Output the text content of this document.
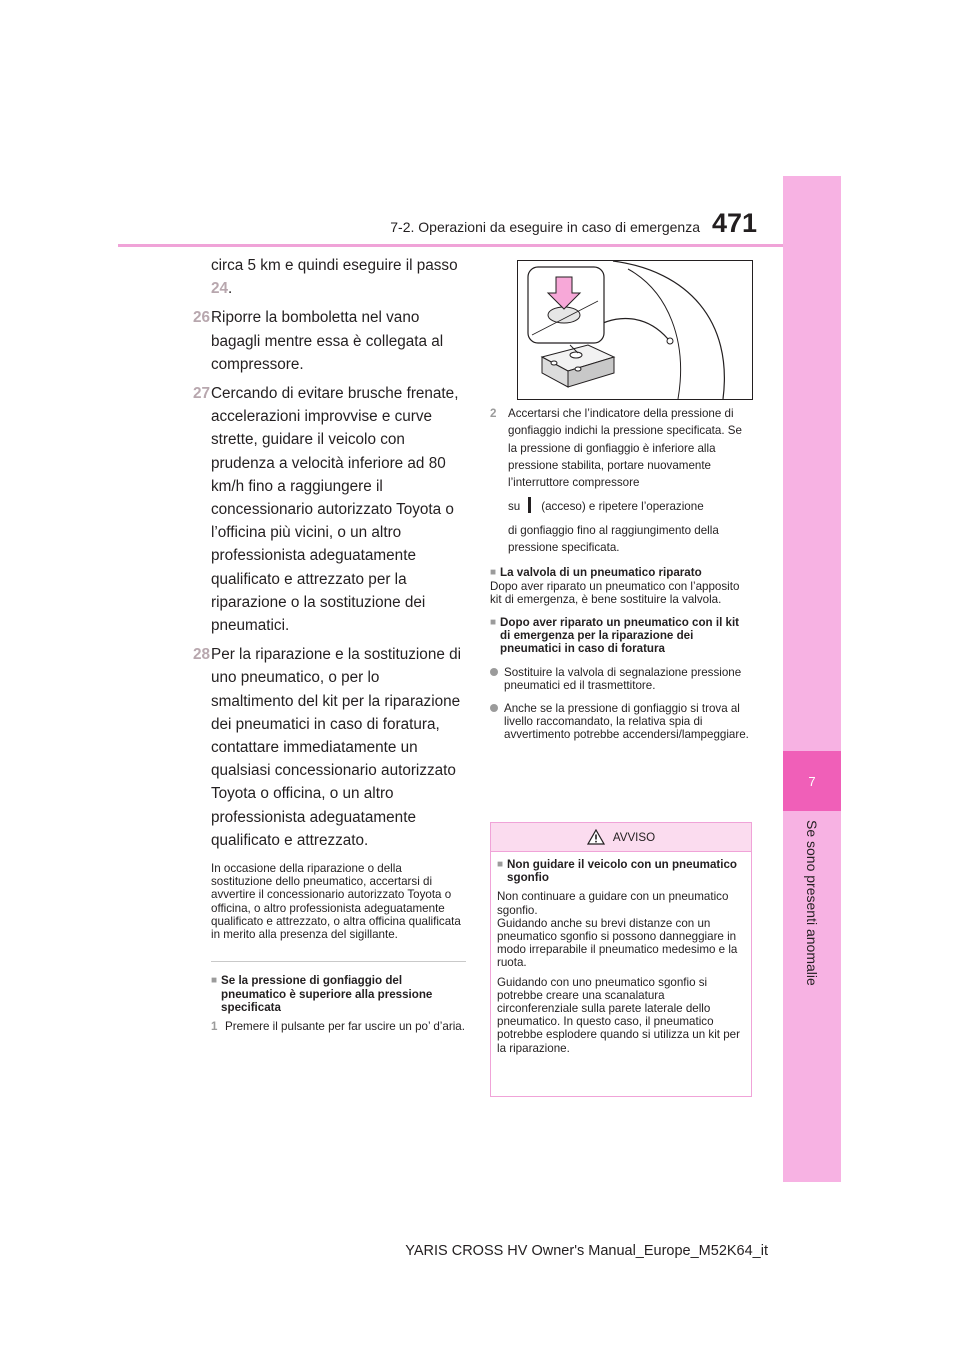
7-2. Operazioni da eseguire in caso di emergenza 471
7
Se sono presenti anomalie
circa 5 km e quindi eseguire il passo
24.
26 Riporre la bomboletta nel vano bagagli mentre essa è collegata al compressore.
27 Cercando di evitare brusche frenate, accelerazioni improvvise e curve strette, guidare il veicolo con prudenza a velocità inferiore ad 80 km/h fino a raggiungere il concessionario autorizzato Toyota o l’officina più vicini, o un altro professionista adeguatamente qualificato e attrezzato per la riparazione o la sostituzione dei pneumatici.
28 Per la riparazione e la sostituzione di uno pneumatico, o per lo smaltimento del kit per la riparazione dei pneumatici in caso di foratura, contattare immediatamente un qualsiasi concessionario autorizzato Toyota o officina, o un altro professionista adeguatamente qualificato e attrezzato.
In occasione della riparazione o della sostituzione dello pneumatico, accertarsi di avvertire il concessionario autorizzato Toyota o officina, o altro professionista adeguatamente qualificato e attrezzato, o altra officina qualificata in merito alla presenza del sigillante.
■ Se la pressione di gonfiaggio del pneumatico è superiore alla pressione specificata
1 Premere il pulsante per far uscire un po’ d’aria.
2 Accertarsi che l’indicatore della pressione di gonfiaggio indichi la pressione specificata. Se la pressione di gonfiaggio è inferiore alla pressione stabilita, portare nuovamente l’interruttore compressore
su (acceso) e ripetere l’operazione
di gonfiaggio fino al raggiungimento della pressione specificata.
■ La valvola di un pneumatico riparato
Dopo aver riparato un pneumatico con l’apposito kit di emergenza, è bene sostituire la valvola.
■ Dopo aver riparato un pneumatico con il kit di emergenza per la riparazione dei pneumatici in caso di foratura
Sostituire la valvola di segnalazione pressione pneumatici ed il trasmettitore.
Anche se la pressione di gonfiaggio si trova al livello raccomandato, la relativa spia di avvertimento potrebbe accendersi/lampeggiare.
AVVISO
■ Non guidare il veicolo con un pneumatico sgonfio

Non continuare a guidare con un pneumatico sgonfio.
Guidando anche su brevi distanze con un pneumatico sgonfio si possono danneggiare in modo irreparabile il pneumatico medesimo e la ruota.

Guidando con uno pneumatico sgonfio si potrebbe creare una scanalatura circonferenziale sulla parete laterale dello pneumatico. In questo caso, il pneumatico potrebbe esplodere quando si utilizza un kit per la riparazione.

YARIS CROSS HV Owner's Manual_Europe_M52K64_it
